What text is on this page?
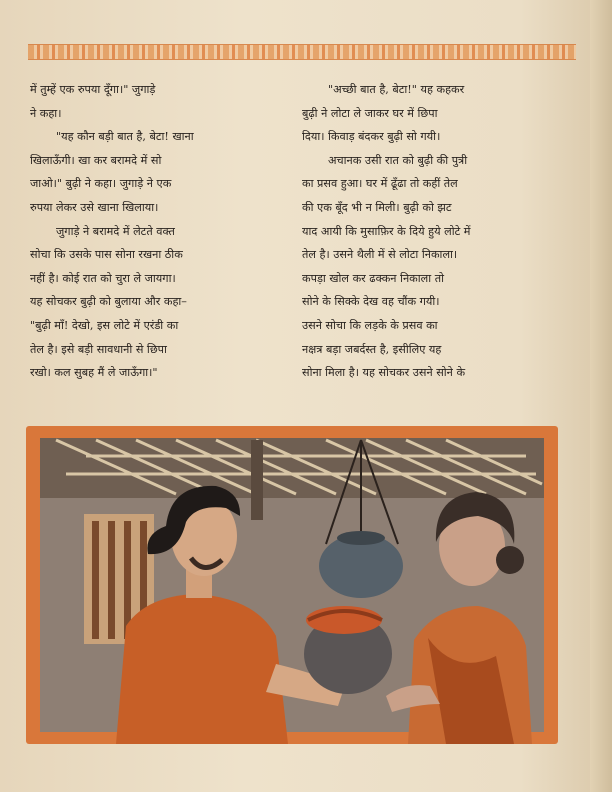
में तुम्हें एक रुपया दूँगा।" जुगाड़े

ने कहा।

"यह कौन बड़ी बात है, बेटा! खाना

खिलाऊँगी। खा कर बरामदे में सो

जाओ।" बुढ़ी ने कहा। जुगाड़े ने एक

रुपया लेकर उसे खाना खिलाया।

जुगाड़े ने बरामदे में लेटते वक्त

सोचा कि उसके पास सोना रखना ठीक

नहीं है। कोई रात को चुरा ले जायगा।

यह सोचकर बुढ़ी को बुलाया और कहा–

"बुढ़ी माँ! देखो, इस लोटे में एरंडी का

तेल है। इसे बड़ी सावधानी से छिपा

रखो। कल सुबह मैं ले जाऊँगा।"

"अच्छी बात है, बेटा!" यह कहकर

बुढ़ी ने लोटा ले जाकर घर में छिपा

दिया। किवाड़ बंदकर बुढ़ी सो गयी।

अचानक उसी रात को बुढ़ी की पुत्री

का प्रसव हुआ। घर में ढूँढा तो कहीं तेल

की एक बूँद भी न मिली। बुढ़ी को झट

याद आयी कि मुसाफ़िर के दिये हुये लोटे में

तेल है। उसने थैली में से लोटा निकाला।

कपड़ा खोल कर ढक्कन निकाला तो

सोने के सिक्के देख वह चौंक गयी।

उसने सोचा कि लड़के के प्रसव का

नक्षत्र बड़ा जबर्दस्त है, इसीलिए यह

सोना मिला है। यह सोचकर उसने सोने के
